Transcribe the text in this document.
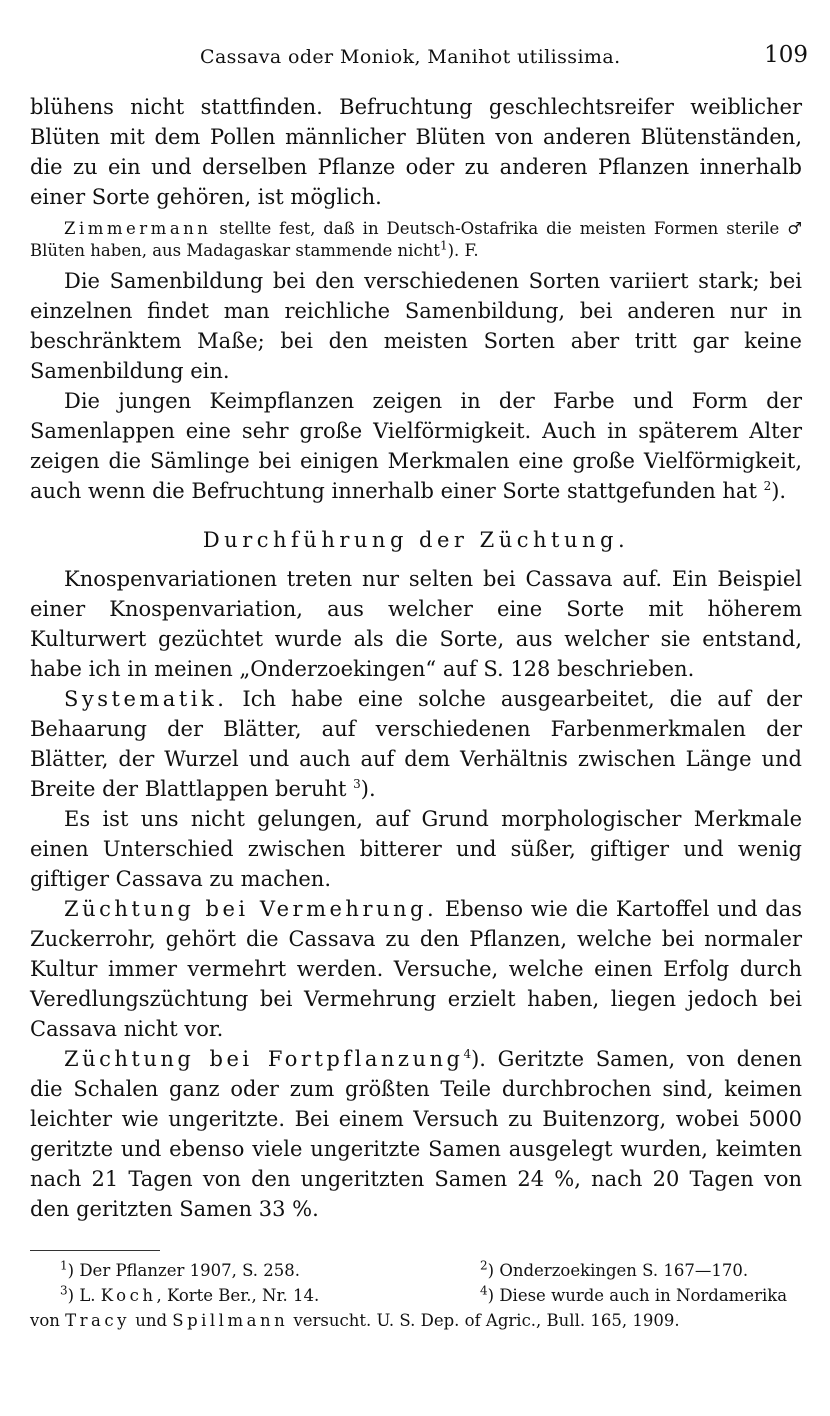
Cassava oder Moniok, Manihot utilissima.	109

blühens nicht stattfinden. Befruchtung geschlechtsreifer weiblicher Blüten mit dem Pollen männlicher Blüten von anderen Blütenständen, die zu ein und derselben Pflanze oder zu anderen Pflanzen innerhalb einer Sorte gehören, ist möglich.

Zimmermann stellte fest, daß in Deutsch-Ostafrika die meisten Formen sterile ♂ Blüten haben, aus Madagaskar stammende nicht$^1$). F.

Die Samenbildung bei den verschiedenen Sorten variiert stark; bei einzelnen findet man reichliche Samenbildung, bei anderen nur in beschränktem Maße; bei den meisten Sorten aber tritt gar keine Samenbildung ein.

Die jungen Keimpflanzen zeigen in der Farbe und Form der Samenlappen eine sehr große Vielförmigkeit. Auch in späterem Alter zeigen die Sämlinge bei einigen Merkmalen eine große Vielförmigkeit, auch wenn die Befruchtung innerhalb einer Sorte stattgefunden hat $^2$).

Durchführung der Züchtung.

Knospenvariationen treten nur selten bei Cassava auf. Ein Beispiel einer Knospenvariation, aus welcher eine Sorte mit höherem Kulturwert gezüchtet wurde als die Sorte, aus welcher sie entstand, habe ich in meinen „Onderzoekingen“ auf S. 128 beschrieben.

Systematik. Ich habe eine solche ausgearbeitet, die auf der Behaarung der Blätter, auf verschiedenen Farbenmerkmalen der Blätter, der Wurzel und auch auf dem Verhältnis zwischen Länge und Breite der Blattlappen beruht $^3$).

Es ist uns nicht gelungen, auf Grund morphologischer Merkmale einen Unterschied zwischen bitterer und süßer, giftiger und wenig giftiger Cassava zu machen.

Züchtung bei Vermehrung. Ebenso wie die Kartoffel und das Zuckerrohr, gehört die Cassava zu den Pflanzen, welche bei normaler Kultur immer vermehrt werden. Versuche, welche einen Erfolg durch Veredlungszüchtung bei Vermehrung erzielt haben, liegen jedoch bei Cassava nicht vor.

Züchtung bei Fortpflanzung$^4$). Geritzte Samen, von denen die Schalen ganz oder zum größten Teile durchbrochen sind, keimen leichter wie ungeritzte. Bei einem Versuch zu Buitenzorg, wobei 5000 geritzte und ebenso viele ungeritzte Samen ausgelegt wurden, keimten nach 21 Tagen von den ungeritzten Samen 24 %, nach 20 Tagen von den geritzten Samen 33 %.

$^1$) Der Pflanzer 1907, S. 258.	$^2$) Onderzoekingen S. 167—170.
$^3$) L. Koch, Korte Ber., Nr. 14.	$^4$) Diese wurde auch in Nordamerika
von Tracy und Spillmann versucht. U. S. Dep. of Agric., Bull. 165, 1909.
